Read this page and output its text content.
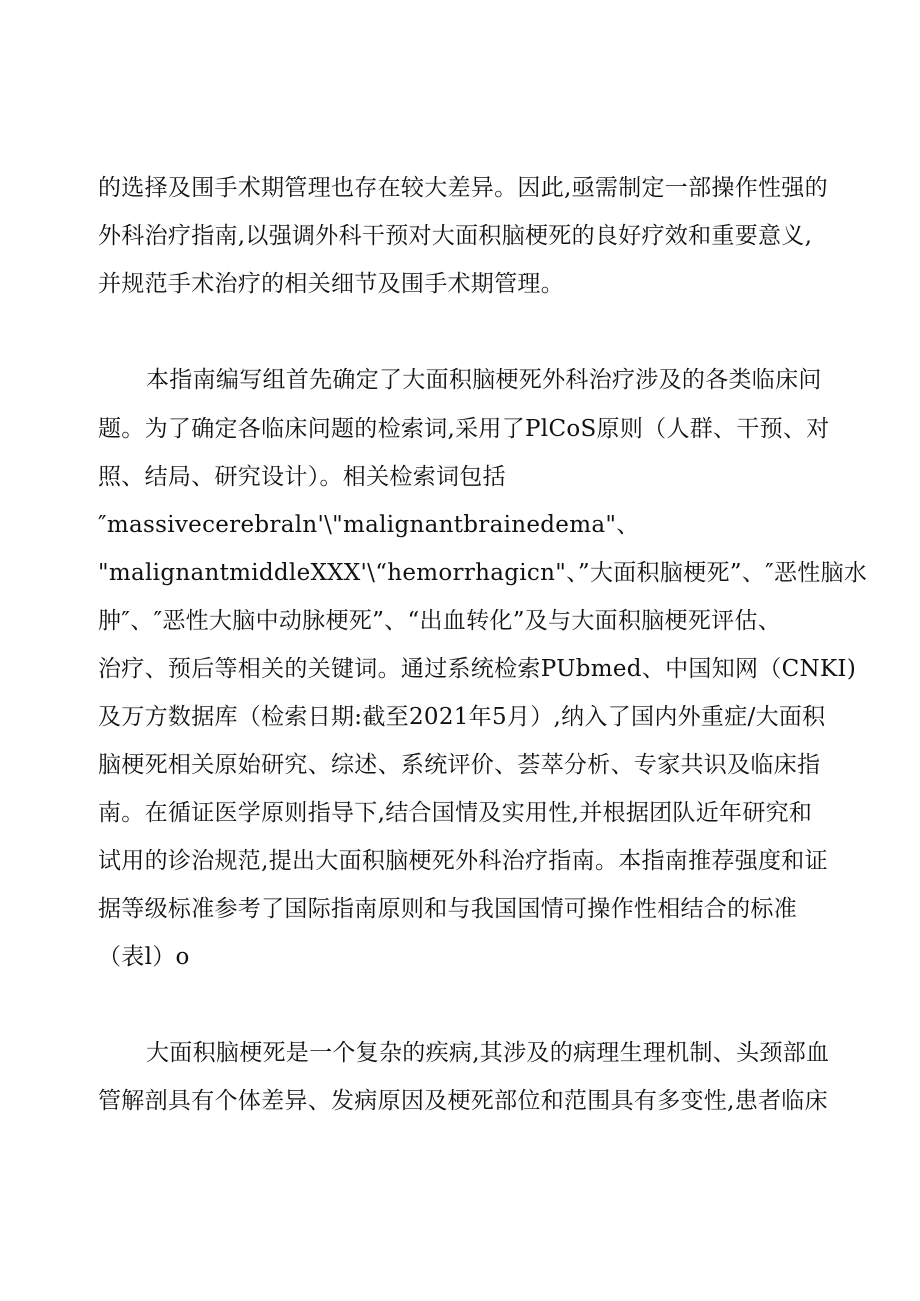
的选择及围手术期管理也存在较大差异。因此,亟需制定一部操作性强的
外科治疗指南,以强调外科干预对大面积脑梗死的良好疗效和重要意义,
并规范手术治疗的相关细节及围手术期管理。
本指南编写组首先确定了大面积脑梗死外科治疗涉及的各类临床问
题。为了确定各临床问题的检索词,采用了PlCoS原则（人群、干预、对
照、结局、研究设计）。相关检索词包括
″massivecerebraln'\"malignantbrainedema"、
"malignantmiddleXXX'\“hemorrhagicn"、”大面积脑梗死”、″恶性脑水
肿″、″恶性大脑中动脉梗死”、“出血转化”及与大面积脑梗死评估、
治疗、预后等相关的关键词。通过系统检索PUbmed、中国知网（CNKI)
及万方数据库（检索日期:截至2021年5月）,纳入了国内外重症/大面积
脑梗死相关原始研究、综述、系统评价、荟萃分析、专家共识及临床指
南。在循证医学原则指导下,结合国情及实用性,并根据团队近年研究和
试用的诊治规范,提出大面积脑梗死外科治疗指南。本指南推荐强度和证
据等级标准参考了国际指南原则和与我国国情可操作性相结合的标准
（表l）o
大面积脑梗死是一个复杂的疾病,其涉及的病理生理机制、头颈部血
管解剖具有个体差异、发病原因及梗死部位和范围具有多变性,患者临床
